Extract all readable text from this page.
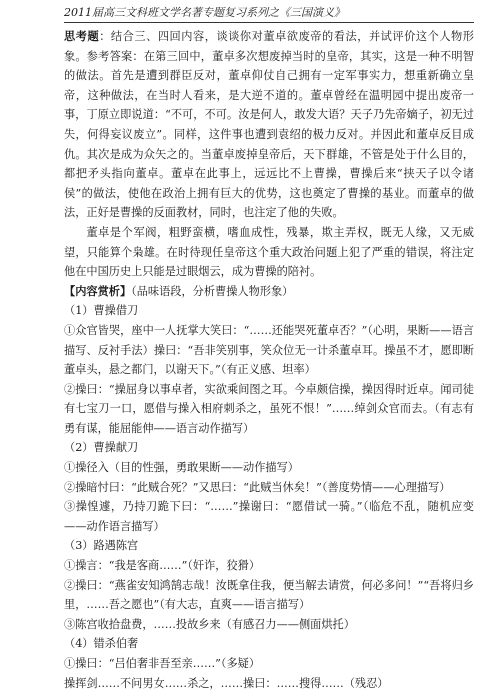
2011届高三文科班文学名著专题复习系列之《三国演义》

思考题：结合三、四回内容，谈谈你对董卓欲废帝的看法，并试评价这个人物形象。参考答案：在第三回中，董卓多次想废掉当时的皇帝，其实，这是一种不明智的做法。首先是遭到群臣反对，董卓仰仗自己拥有一定军事实力，想重新确立皇帝，这种做法，在当时人看来，是大逆不道的。董卓曾经在温明园中提出废帝一事，丁原立即说道：“不可，不可。汝是何人，敢发大语？天子乃先帝嫡子，初无过失，何得妄议废立”。同样，这件事也遭到袁绍的极力反对。并因此和董卓反目成仇。其次是成为众矢之的。当董卓废掉皇帝后，天下群雄，不管是处于什么目的，都把矛头指向董卓。董卓在此事上，远远比不上曹操，曹操后来“挟天子以令诸侯”的做法，使他在政治上拥有巨大的优势，这也奠定了曹操的基业。而董卓的做法，正好是曹操的反面教材，同时，也注定了他的失败。

董卓是个军阀，粗野蛮横，嗜血成性，残暴，欺主弄权，既无人缘，又无威望，只能算个枭雄。在时待现任皇帝这个重大政治问题上犯了严重的错误，将注定他在中国历史上只能是过眼烟云，成为曹操的陪衬。

【内容赏析】（品味语段，分析曹操人物形象）

（1）曹操借刀

①众官皆哭，座中一人抚掌大笑曰：“……还能哭死董卓否？”（心明，果断——语言描写、反衬手法）操曰：“吾非笑别事，笑众位无一计杀董卓耳。操虽不才，愿即断董卓头，悬之都门，以谢天下。”（有正义感、坦率）

②操曰：“操屈身以事卓者，实欲乘间图之耳。今卓颇信操，操因得时近卓。闻司徒有七宝刀一口，愿借与操入相府刺杀之，虽死不恨！”……绰剑众官而去。（有志有勇有谋，能屈能伸——语言动作描写）

（2）曹操献刀

①操径入（目的性强，勇敢果断——动作描写）

②操暗忖曰：“此贼合死？”又思曰：“此贼当休矣！”（善度势情——心理描写）

③操惶遽，乃持刀跪下曰：“……”操谢曰：“愿借试一骑。”（临危不乱，随机应变——动作语言描写）

（3）路遇陈宫

①操言：“我是客商……”（奸诈，狡猾）

②操曰：“燕雀安知鸿鹄志哉！汝既拿住我，便当解去请赏，何必多问！”“吾将归乡里，……吾之愿也”（有大志，直爽——语言描写）

③陈宫收拾盘费，……投故乡来（有感召力——侧面烘托）

（4）错杀伯奢

①操曰：“吕伯奢非吾至亲……”（多疑）

操挥剑……不问男女……杀之，……操曰：……搜得……（残忍）
